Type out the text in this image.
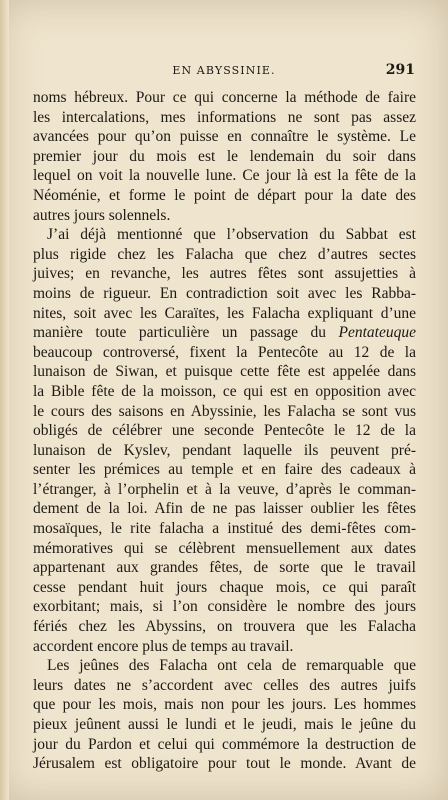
EN ABYSSINIE.	291
noms hébreux. Pour ce qui concerne la méthode de faire
les intercalations, mes informations ne sont pas assez
avancées pour qu’on puisse en connaître le système. Le
premier jour du mois est le lendemain du soir dans
lequel on voit la nouvelle lune. Ce jour là est la fête de la
Néoménie, et forme le point de départ pour la date des
autres jours solennels.
J’ai déjà mentionné que l’observation du Sabbat est
plus rigide chez les Falacha que chez d’autres sectes
juives; en revanche, les autres fêtes sont assujetties à
moins de rigueur. En contradiction soit avec les Rabba-
nites, soit avec les Caraïtes, les Falacha expliquant d’une
manière toute particulière un passage du Pentateuque
beaucoup controversé, fixent la Pentecôte au 12 de la
lunaison de Siwan, et puisque cette fête est appelée dans
la Bible fête de la moisson, ce qui est en opposition avec
le cours des saisons en Abyssinie, les Falacha se sont vus
obligés de célébrer une seconde Pentecôte le 12 de la
lunaison de Kyslev, pendant laquelle ils peuvent pré-
senter les prémices au temple et en faire des cadeaux à
l’étranger, à l’orphelin et à la veuve, d’après le comman-
dement de la loi. Afin de ne pas laisser oublier les fêtes
mosaïques, le rite falacha a institué des demi-fêtes com-
mémoratives qui se célèbrent mensuellement aux dates
appartenant aux grandes fêtes, de sorte que le travail
cesse pendant huit jours chaque mois, ce qui paraît
exorbitant; mais, si l’on considère le nombre des jours
fériés chez les Abyssins, on trouvera que les Falacha
accordent encore plus de temps au travail.
Les jeûnes des Falacha ont cela de remarquable que
leurs dates ne s’accordent avec celles des autres juifs
que pour les mois, mais non pour les jours. Les hommes
pieux jeûnent aussi le lundi et le jeudi, mais le jeûne du
jour du Pardon et celui qui commémore la destruction de
Jérusalem est obligatoire pour tout le monde. Avant de
